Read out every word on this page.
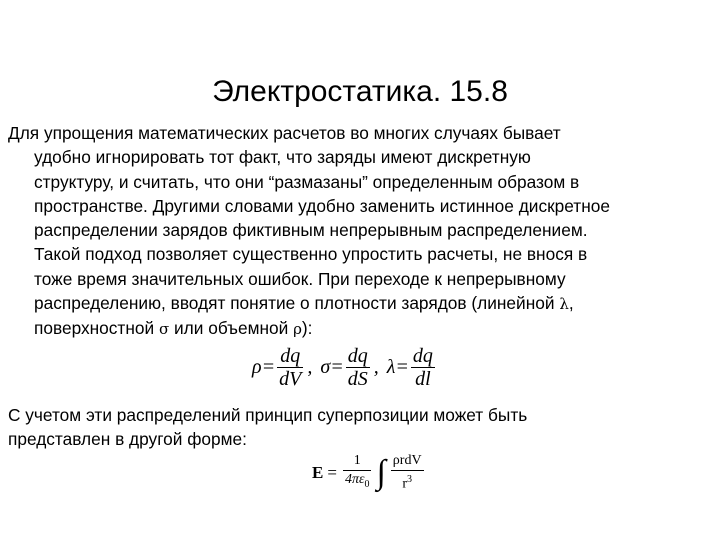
Электростатика. 15.8
Для упрощения математических расчетов во многих случаях бывает
удобно игнорировать тот факт, что заряды имеют дискретную
структуру, и считать, что они “размазаны” определенным образом в
пространстве. Другими словами удобно заменить истинное дискретное
распределении зарядов фиктивным непрерывным распределением.
Такой подход позволяет существенно упростить расчеты, не внося в
тоже время значительных ошибок. При переходе к непрерывному
распределению, вводят понятие о плотности зарядов (линейной λ,
поверхностной σ или объемной ρ):
$\rho = \frac{dq}{dV}$ , $\sigma = \frac{dq}{dS}$ , $\lambda = \frac{dq}{dl}$
С учетом эти распределений принцип суперпозиции может быть
представлен в другой форме:
$E = \frac{1}{4\pi\varepsilon_0}$ ∫ $\frac{\text{ρrdV}}{r^3}$
